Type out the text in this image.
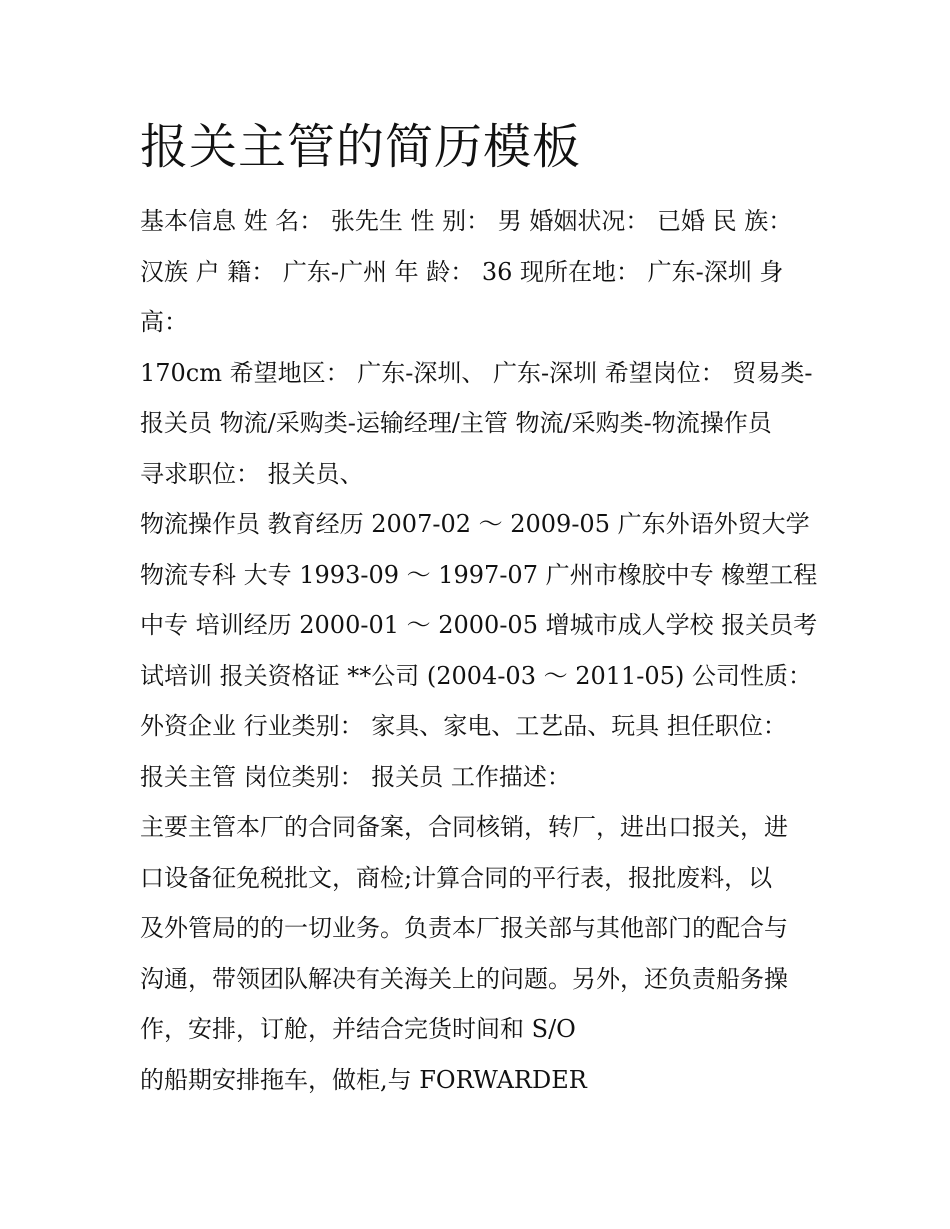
报关主管的简历模板
基本信息 姓 名： 张先生 性 别： 男 婚姻状况： 已婚 民 族：
汉族 户 籍： 广东-广州 年 龄： 36 现所在地： 广东-深圳 身
高：
170cm 希望地区： 广东-深圳、 广东-深圳 希望岗位： 贸易类-
报关员 物流/采购类-运输经理/主管 物流/采购类-物流操作员
寻求职位： 报关员、
物流操作员 教育经历 2007-02 ～ 2009-05 广东外语外贸大学
物流专科 大专 1993-09 ～ 1997-07 广州市橡胶中专 橡塑工程
中专 培训经历 2000-01 ～ 2000-05 增城市成人学校 报关员考
试培训 报关资格证 **公司 (2004-03 ～ 2011-05) 公司性质：
外资企业 行业类别： 家具、家电、工艺品、玩具 担任职位：
报关主管 岗位类别： 报关员 工作描述：
主要主管本厂的合同备案，合同核销，转厂，进出口报关，进
口设备征免税批文，商检;计算合同的平行表，报批废料，以
及外管局的的一切业务。负责本厂报关部与其他部门的配合与
沟通，带领团队解决有关海关上的问题。另外，还负责船务操
作，安排，订舱，并结合完货时间和 S/O
的船期安排拖车，做柜,与 FORWARDER
